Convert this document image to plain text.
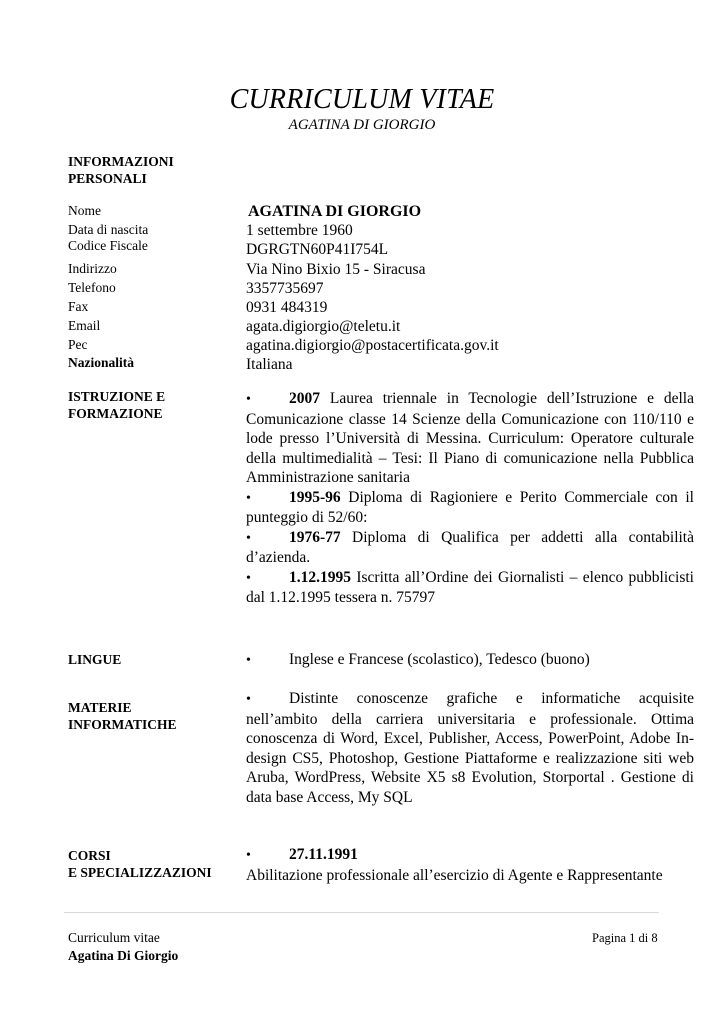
CURRICULUM VITAE
AGATINA DI GIORGIO
INFORMAZIONI
PERSONALI
Nome	AGATINA DI GIORGIO
Data di nascita	1 settembre 1960
Codice Fiscale	DGRGTN60P41I754L
Indirizzo	Via Nino Bixio 15 - Siracusa
Telefono	3357735697
Fax	0931 484319
Email	agata.digiorgio@teletu.it
Pec	agatina.digiorgio@postacertificata.gov.it
Nazionalità	Italiana
ISTRUZIONE E
FORMAZIONE

• 2007 Laurea triennale in Tecnologie dell’Istruzione e della Comunicazione classe 14 Scienze della Comunicazione con 110/110 e lode presso l’Università di Messina. Curriculum: Operatore culturale della multimedialità – Tesi: Il Piano di comunicazione nella Pubblica Amministrazione sanitaria

• 1995-96 Diploma di Ragioniere e Perito Commerciale con il punteggio di 52/60:

• 1976-77 Diploma di Qualifica per addetti alla contabilità d’azienda.

• 1.12.1995 Iscritta all’Ordine dei Giornalisti – elenco pubblicisti dal 1.12.1995 tessera n. 75797

LINGUE	• Inglese e Francese (scolastico), Tedesco (buono)

MATERIE
INFORMATICHE

• Distinte conoscenze grafiche e informatiche acquisite nell’ambito della carriera universitaria e professionale. Ottima conoscenza di Word, Excel, Publisher, Access, PowerPoint, Adobe In-design CS5, Photoshop, Gestione Piattaforme e realizzazione siti web Aruba, WordPress, Website X5 s8 Evolution, Storportal . Gestione di data base Access, My SQL

CORSI
E SPECIALIZZAZIONI

• 27.11.1991

Abilitazione professionale all’esercizio di Agente e Rappresentante

Curriculum vitae
Agatina Di Giorgio
Pagina 1 di 8
